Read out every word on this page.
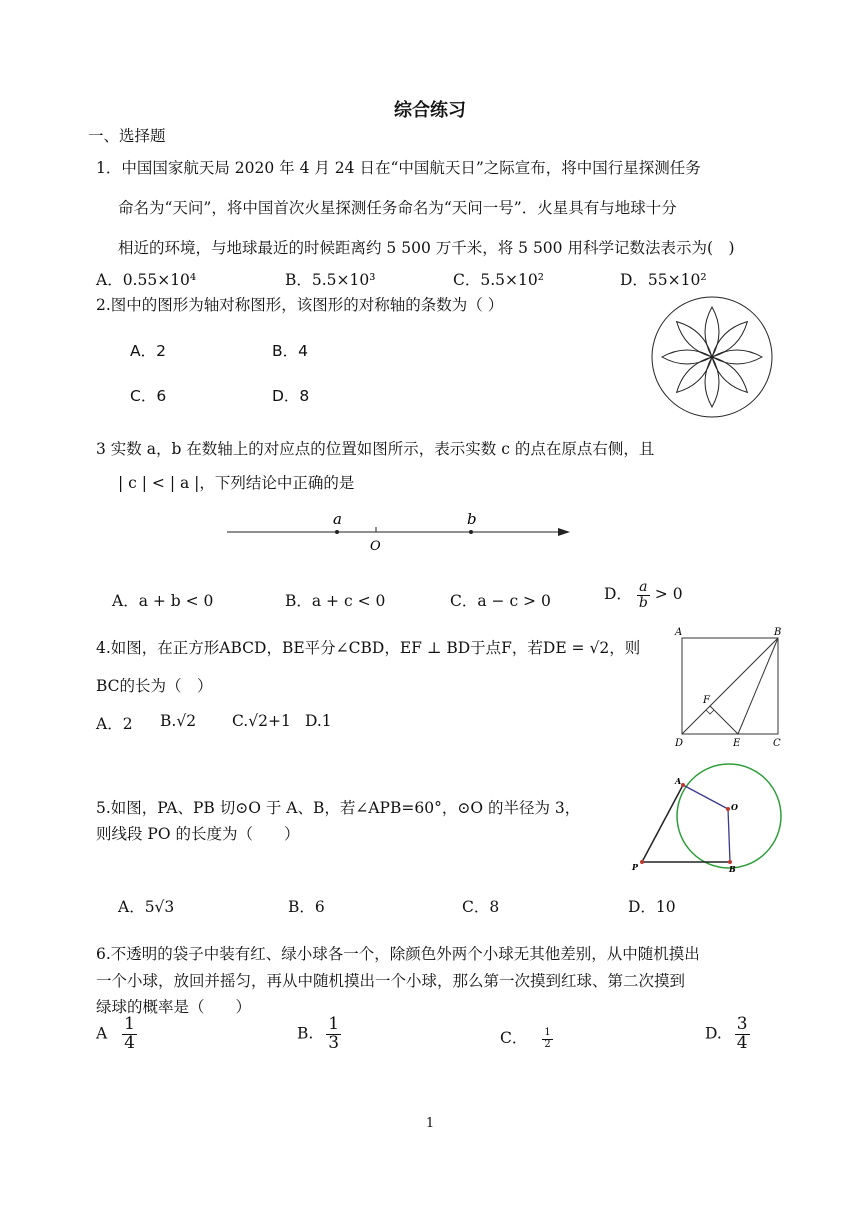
综合练习
一、选择题
1．中国国家航天局 2020 年 4 月 24 日在“中国航天日”之际宣布，将中国行星探测任务
命名为“天问”，将中国首次火星探测任务命名为“天问一号”．火星具有与地球十分
相近的环境，与地球最近的时候距离约 5 500 万千米，将 5 500 用科学记数法表示为(　)
A．0.55×10⁴	B．5.5×10³	C．5.5×10²	D．55×10²
2.图中的图形为轴对称图形，该图形的对称轴的条数为（ ）
A．2	B．4
C．6	D．8
3 实数 a，b 在数轴上的对应点的位置如图所示，表示实数 c 的点在原点右侧，且
| c | < | a |，下列结论中正确的是
a	b
O
A．a + b < 0	B．a + c < 0	C．a − c > 0	D． $\frac{a}{b} > 0$
4.如图，在正方形ABCD，BE平分∠CBD，EF ⊥ BD于点F，若DE = √2，则
BC的长为（　）
A．2 B.√2 C.√2+1 D.1
A	B
C
D	E
F
5.如图，PA、PB 切⊙O 于 A、B，若∠APB=60°，⊙O 的半径为 3，
则线段 PO 的长度为（　　）
A．5√3	B．6	C．8	D．10
A
O
P	B
6.不透明的袋子中装有红、绿小球各一个，除颜色外两个小球无其他差别，从中随机摸出
一个小球，放回并摇匀，再从中随机摸出一个小球，那么第一次摸到红球、第二次摸到
绿球的概率是（　　）
A $\frac{1}{4}$	B. $\frac{1}{3}$	C． $\frac{1}{2}$	D. $\frac{3}{4}$
1
